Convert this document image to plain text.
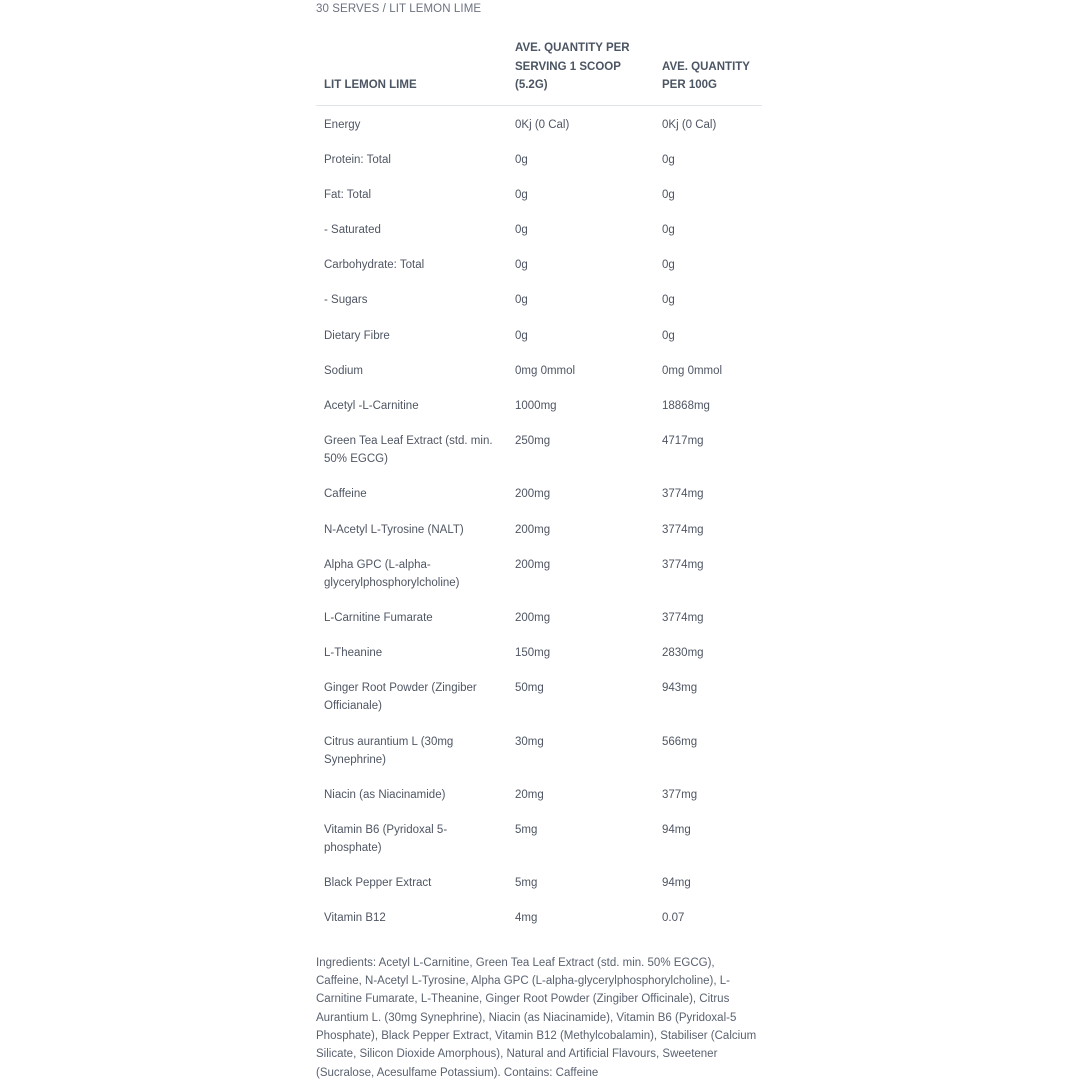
30 SERVES / LIT LEMON LIME
LIT LEMON LIME	AVE. QUANTITY PER SERVING 1 SCOOP (5.2G)	AVE. QUANTITY PER 100G
Energy	0Kj (0 Cal)	0Kj (0 Cal)
Protein: Total	0g	0g
Fat: Total	0g	0g
- Saturated	0g	0g
Carbohydrate: Total	0g	0g
- Sugars	0g	0g
Dietary Fibre	0g	0g
Sodium	0mg 0mmol	0mg 0mmol
Acetyl -L-Carnitine	1000mg	18868mg
Green Tea Leaf Extract (std. min. 50% EGCG)	250mg	4717mg
Caffeine	200mg	3774mg
N-Acetyl L-Tyrosine (NALT)	200mg	3774mg
Alpha GPC (L-alpha-glycerylphosphorylcholine)	200mg	3774mg
L-Carnitine Fumarate	200mg	3774mg
L-Theanine	150mg	2830mg
Ginger Root Powder (Zingiber Officianale)	50mg	943mg
Citrus aurantium L (30mg Synephrine)	30mg	566mg
Niacin (as Niacinamide)	20mg	377mg
Vitamin B6 (Pyridoxal 5-phosphate)	5mg	94mg
Black Pepper Extract	5mg	94mg
Vitamin B12	4mg	0.07
Ingredients: Acetyl L-Carnitine, Green Tea Leaf Extract (std. min. 50% EGCG), Caffeine, N-Acetyl L-Tyrosine, Alpha GPC (L-alpha-glycerylphosphorylcholine), L-Carnitine Fumarate, L-Theanine, Ginger Root Powder (Zingiber Officinale), Citrus Aurantium L. (30mg Synephrine), Niacin (as Niacinamide), Vitamin B6 (Pyridoxal-5 Phosphate), Black Pepper Extract, Vitamin B12 (Methylcobalamin), Stabiliser (Calcium Silicate, Silicon Dioxide Amorphous), Natural and Artificial Flavours, Sweetener (Sucralose, Acesulfame Potassium). Contains: Caffeine
